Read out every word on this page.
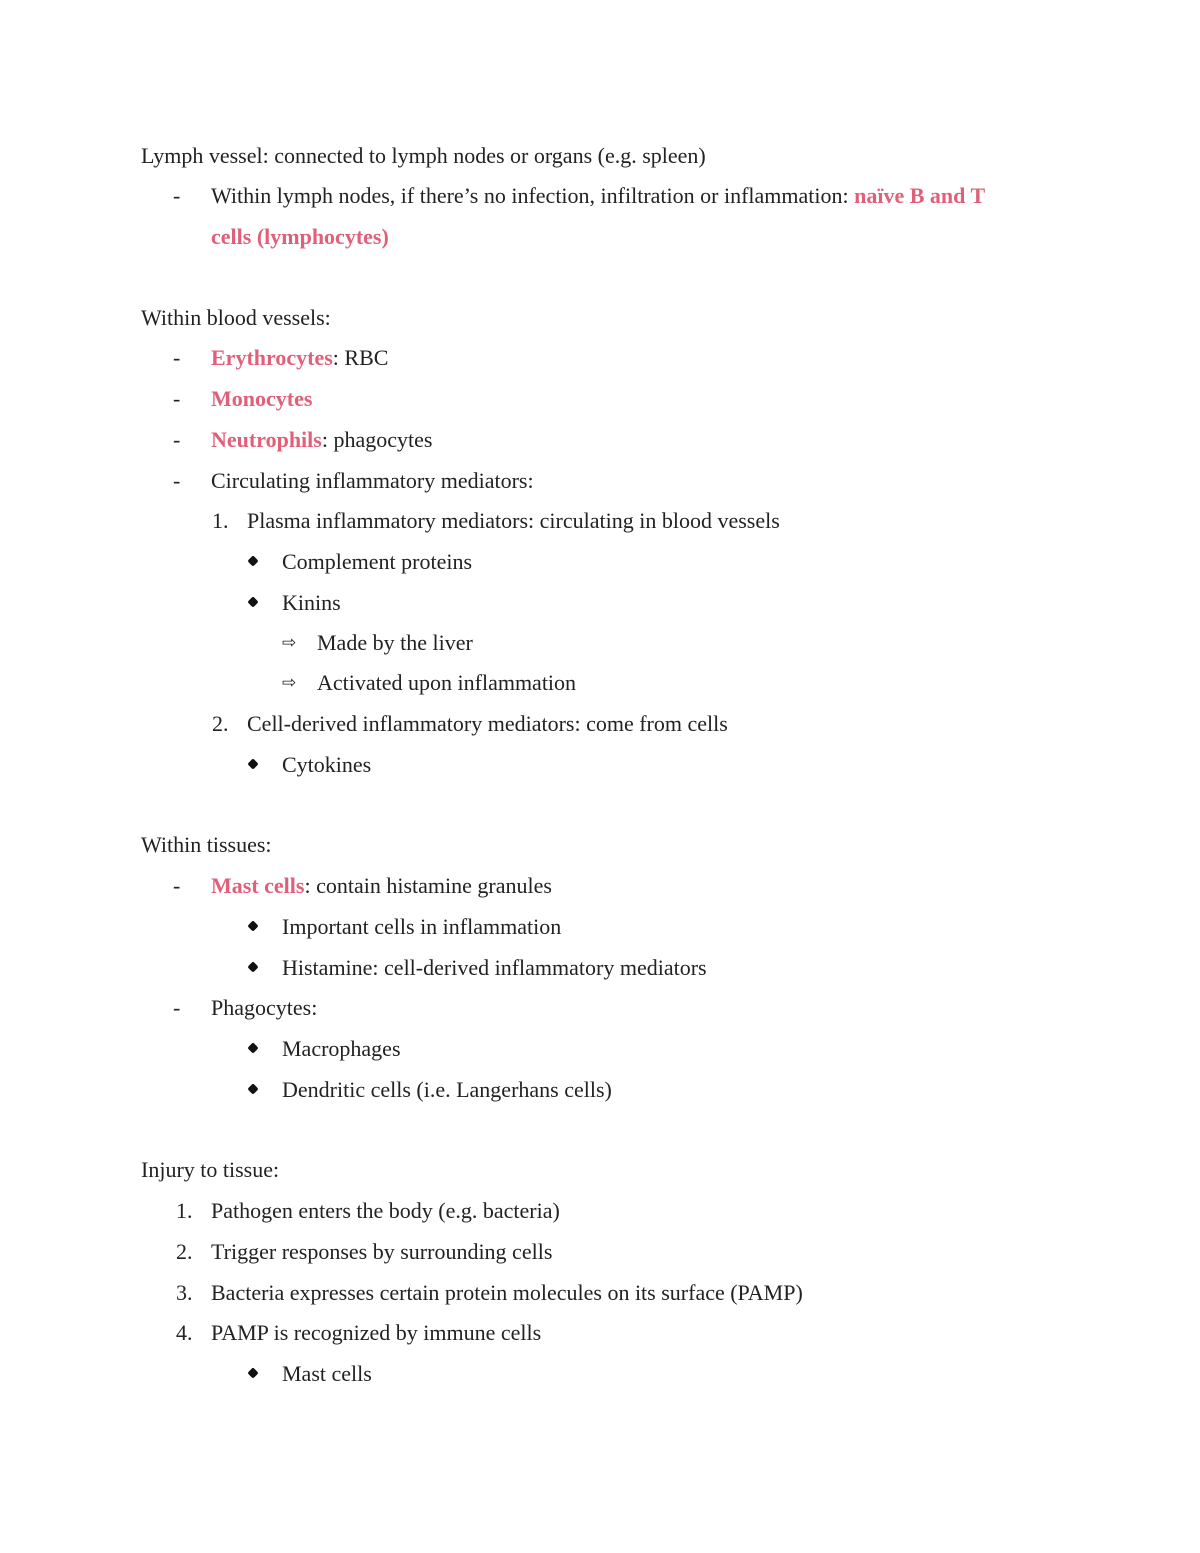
Lymph vessel: connected to lymph nodes or organs (e.g. spleen)
- Within lymph nodes, if there’s no infection, infiltration or inflammation: naïve B and T
cells (lymphocytes)
Within blood vessels:
- Erythrocytes: RBC
- Monocytes
- Neutrophils: phagocytes
- Circulating inflammatory mediators:
1. Plasma inflammatory mediators: circulating in blood vessels
Complement proteins
Kinins
⇨ Made by the liver
⇨ Activated upon inflammation
2. Cell-derived inflammatory mediators: come from cells
Cytokines
Within tissues:
- Mast cells: contain histamine granules
Important cells in inflammation
Histamine: cell-derived inflammatory mediators
- Phagocytes:
Macrophages
Dendritic cells (i.e. Langerhans cells)
Injury to tissue:
1. Pathogen enters the body (e.g. bacteria)
2. Trigger responses by surrounding cells
3. Bacteria expresses certain protein molecules on its surface (PAMP)
4. PAMP is recognized by immune cells
Mast cells
